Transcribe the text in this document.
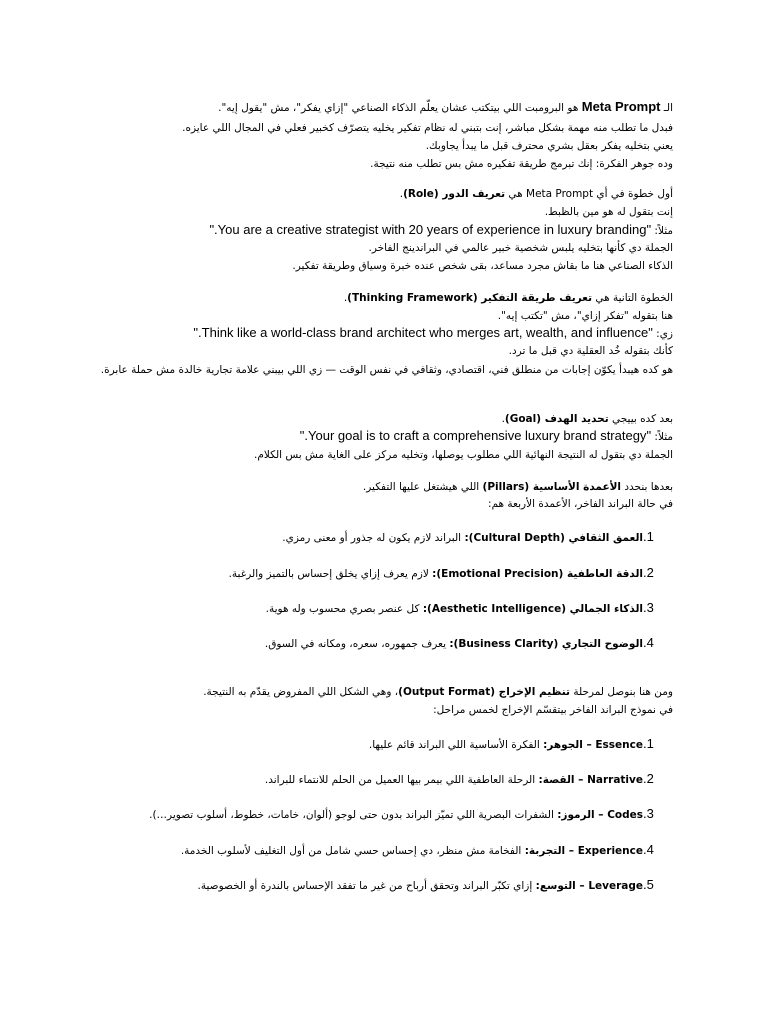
الـ Meta Prompt هو البرومبت اللي بيتكتب عشان يعلّم الذكاء الصناعي "إزاي يفكر"، مش "يقول إيه".
فبدل ما تطلب منه مهمة بشكل مباشر، إنت بتبني له نظام تفكير يخليه يتصرّف كخبير فعلي في المجال اللي عايزه.
يعني بتخليه يفكر بعقل بشري محترف قبل ما يبدأ يجاوبك.
وده جوهر الفكرة: إنك تبرمج طريقة تفكيره مش بس تطلب منه نتيجة.
أول خطوة في أي Meta Prompt هي تعريف الدور (Role).
إنت بتقول له هو مين بالظبط.
مثلاً: "You are a creative strategist with 20 years of experience in luxury branding."
الجملة دي كأنها بتخليه يلبس شخصية خبير عالمي في البراندينج الفاخر.
الذكاء الصناعي هنا ما بقاش مجرد مساعد، بقى شخص عنده خبرة وسياق وطريقة تفكير.
الخطوة التانية هي تعريف طريقة التفكير (Thinking Framework).
هنا بتقوله "تفكر إزاي"، مش "تكتب إيه".
زي: "Think like a world-class brand architect who merges art, wealth, and influence."
كأنك بتقوله خُد العقلية دي قبل ما ترد.
هو كده هيبدأ يكوّن إجابات من منطلق فني، اقتصادي، وثقافي في نفس الوقت — زي اللي بيبني علامة تجارية خالدة مش حملة عابرة.
بعد كده بييجي تحديد الهدف (Goal).
مثلاً: "Your goal is to craft a comprehensive luxury brand strategy."
الجملة دي بتقول له النتيجة النهائية اللي مطلوب يوصلها، وتخليه مركز على الغاية مش بس الكلام.
بعدها بنحدد الأعمدة الأساسية (Pillars) اللي هيشتغل عليها التفكير.
في حالة البراند الفاخر، الأعمدة الأربعة هم:
1.العمق الثقافي (Cultural Depth): البراند لازم يكون له جذور أو معنى رمزي.
2.الدقة العاطفية (Emotional Precision): لازم يعرف إزاي يخلق إحساس بالتميز والرغبة.
3.الذكاء الجمالي (Aesthetic Intelligence): كل عنصر بصري محسوب وله هوية.
4.الوضوح التجاري (Business Clarity): يعرف جمهوره، سعره، ومكانه في السوق.
ومن هنا بنوصل لمرحلة تنظيم الإخراج (Output Format)، وهي الشكل اللي المفروض يقدّم به النتيجة.
في نموذج البراند الفاخر بيتقسّم الإخراج لخمس مراحل:
1.Essence – الجوهر: الفكرة الأساسية اللي البراند قائم عليها.
2.Narrative – القصة: الرحلة العاطفية اللي بيمر بيها العميل من الحلم للانتماء للبراند.
3.Codes – الرموز: الشفرات البصرية اللي تميّز البراند بدون حتى لوجو (ألوان، خامات، خطوط، أسلوب تصوير…).
4.Experience – التجربة: الفخامة مش منظر، دي إحساس حسي شامل من أول التغليف لأسلوب الخدمة.
5.Leverage – التوسع: إزاي تكبّر البراند وتحقق أرباح من غير ما تفقد الإحساس بالندرة أو الخصوصية.
